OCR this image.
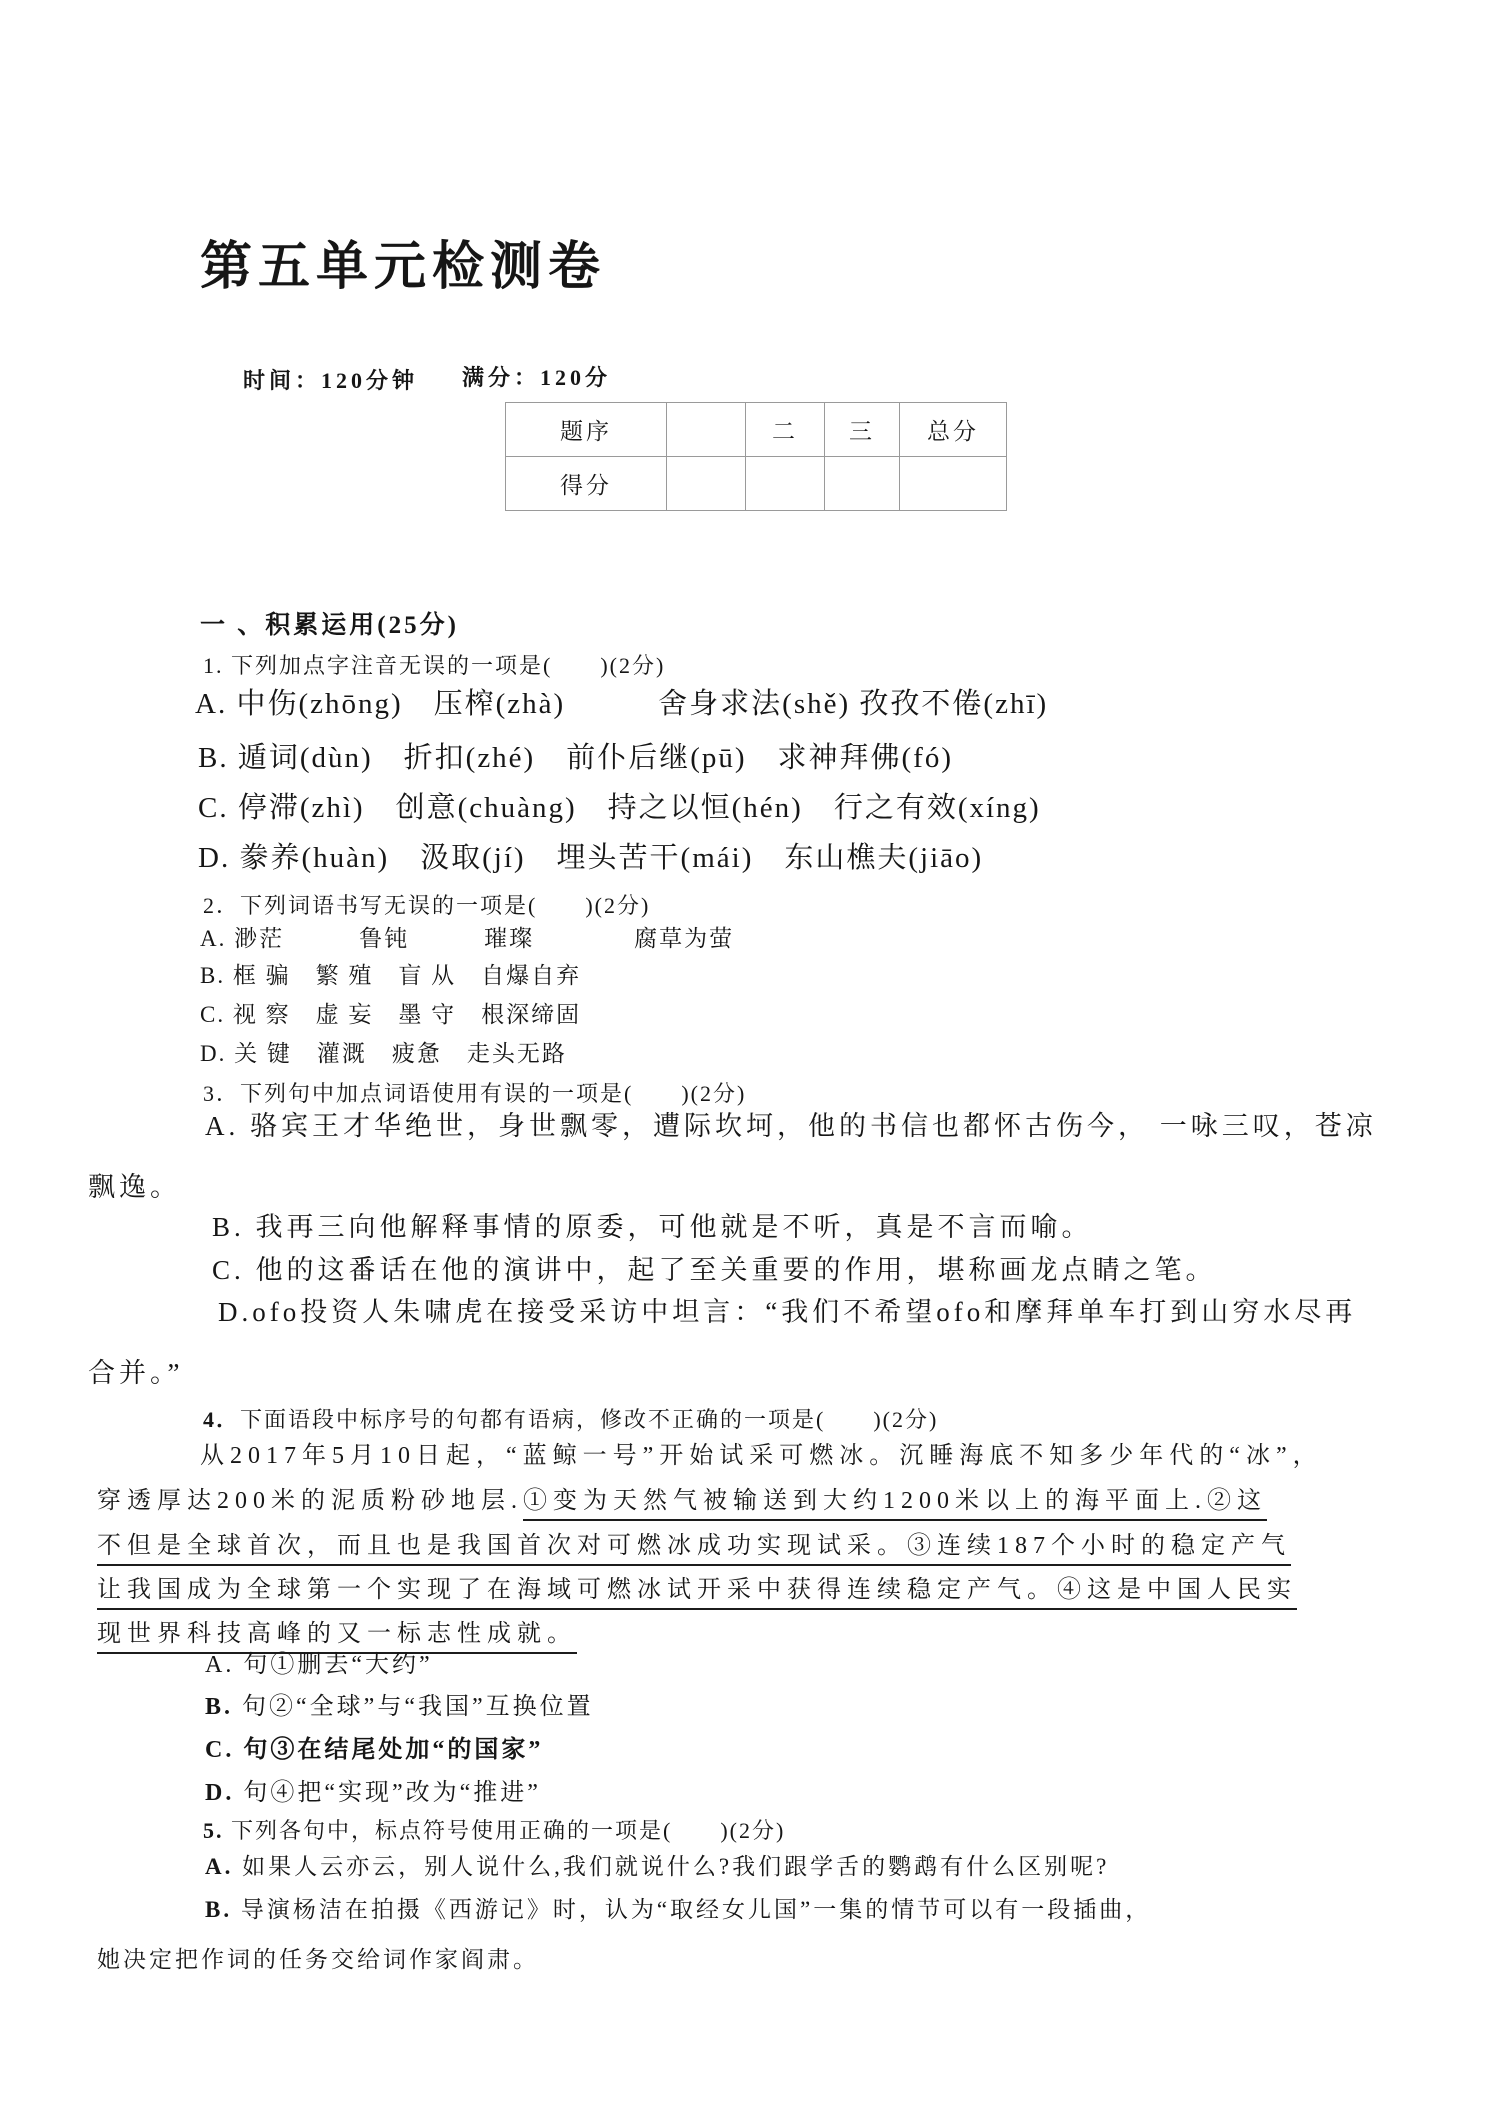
第五单元检测卷
时间：120分钟 满分：120分
题序		二	三	总分
得分				
一 、积累运用(25分)
1. 下列加点字注音无误的一项是(　　)(2分)
A. 中伤(zhōng)　压榨(zhà)　　　舍身求法(shě) 孜孜不倦(zhī)
B. 遁词(dùn)　折扣(zhé)　前仆后继(pū)　求神拜佛(fó)
C. 停滞(zhì)　创意(chuàng)　持之以恒(hén)　行之有效(xíng)
D. 豢养(huàn)　汲取(jí)　埋头苦干(mái)　东山樵夫(jiāo)
2．下列词语书写无误的一项是(　　)(2分)
A. 渺茫　　　鲁钝　　　璀璨　　　　腐草为萤
B. 框 骗　繁 殖　盲 从　自爆自弃
C. 视 察　虚 妄　墨 守　根深缔固
D. 关 键　灌溉　疲惫　走头无路
3．下列句中加点词语使用有误的一项是(　　)(2分)
A. 骆宾王才华绝世，身世飘零，遭际坎坷，他的书信也都怀古伤今， 一咏三叹，苍凉
飘逸。
B. 我再三向他解释事情的原委，可他就是不听，真是不言而喻。
C. 他的这番话在他的演讲中，起了至关重要的作用，堪称画龙点睛之笔。
D.ofo投资人朱啸虎在接受采访中坦言：“我们不希望ofo和摩拜单车打到山穷水尽再
合并。”
4．下面语段中标序号的句都有语病，修改不正确的一项是(　　)(2分)
从2017年5月10日起，“蓝鲸一号”开始试采可燃冰。沉睡海底不知多少年代的“冰”，
穿透厚达200米的泥质粉砂地层.①变为天然气被输送到大约1200米以上的海平面上.②这
不但是全球首次，而且也是我国首次对可燃冰成功实现试采。③连续187个小时的稳定产气
让我国成为全球第一个实现了在海域可燃冰试开采中获得连续稳定产气。④这是中国人民实
现世界科技高峰的又一标志性成就。
A. 句①删去“大约”
B. 句②“全球”与“我国”互换位置
C. 句③在结尾处加“的国家”
D. 句④把“实现”改为“推进”
5. 下列各句中，标点符号使用正确的一项是(　　)(2分)
A. 如果人云亦云，别人说什么,我们就说什么?我们跟学舌的鹦鹉有什么区别呢?
B. 导演杨洁在拍摄《西游记》时，认为“取经女儿国”一集的情节可以有一段插曲，
她决定把作词的任务交给词作家阎肃。
